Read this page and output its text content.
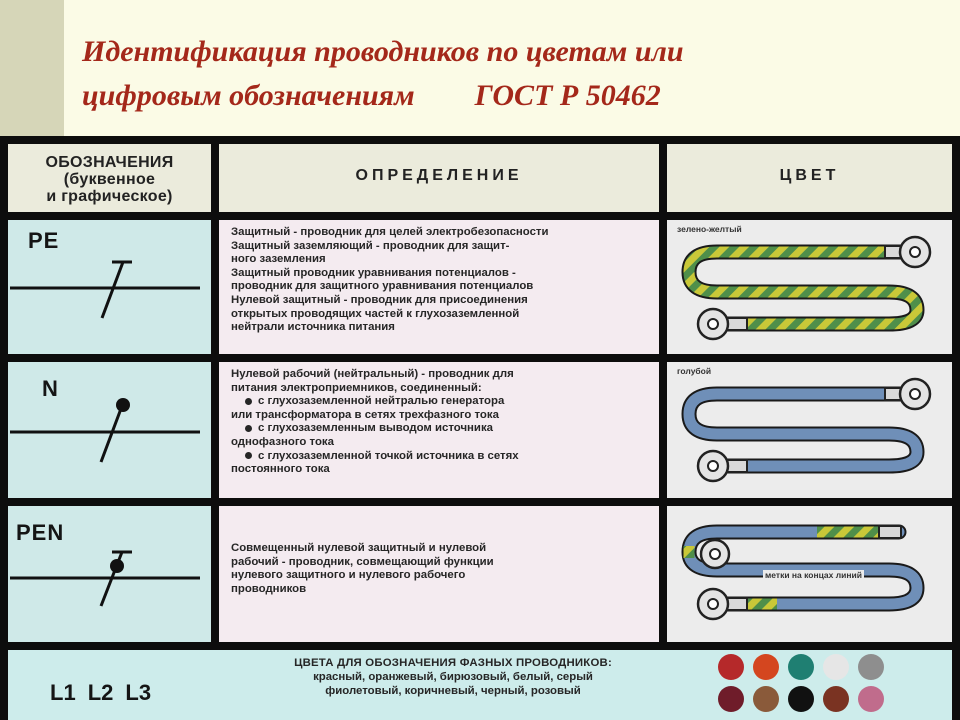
Идентификация проводников по цветам или
цифровым обозначениям        ГОСТ Р 50462
ОБОЗНАЧЕНИЯ
(буквенное
и графическое)
ОПРЕДЕЛЕНИЕ	ЦВЕТ
PE	Защитный - проводник для целей электробезопасности
Защитный заземляющий - проводник для защит-
ного заземления
Защитный проводник уравнивания потенциалов -
проводник для защитного уравнивания потенциалов
Нулевой защитный - проводник для присоединения
открытых проводящих частей к глухозаземленной
нейтрали источника питания
зелено-желтый
N
Нулевой рабочий (нейтральный) - проводник для
питания электроприемников, соединенный:
с глухозаземленной нейтралью генератора
или трансформатора в сетях трехфазного тока
с глухозаземленным выводом источника
однофазного тока
с глухозаземленной точкой источника в сетях
постоянного тока
голубой
PEN
Совмещенный нулевой защитный и нулевой
рабочий - проводник, совмещающий функции
нулевого защитного и нулевого рабочего
проводников
метки на концах линий
L1 L2 L3
ЦВЕТА ДЛЯ ОБОЗНАЧЕНИЯ ФАЗНЫХ ПРОВОДНИКОВ:
красный, оранжевый, бирюзовый, белый, серый
фиолетовый, коричневый, черный, розовый
